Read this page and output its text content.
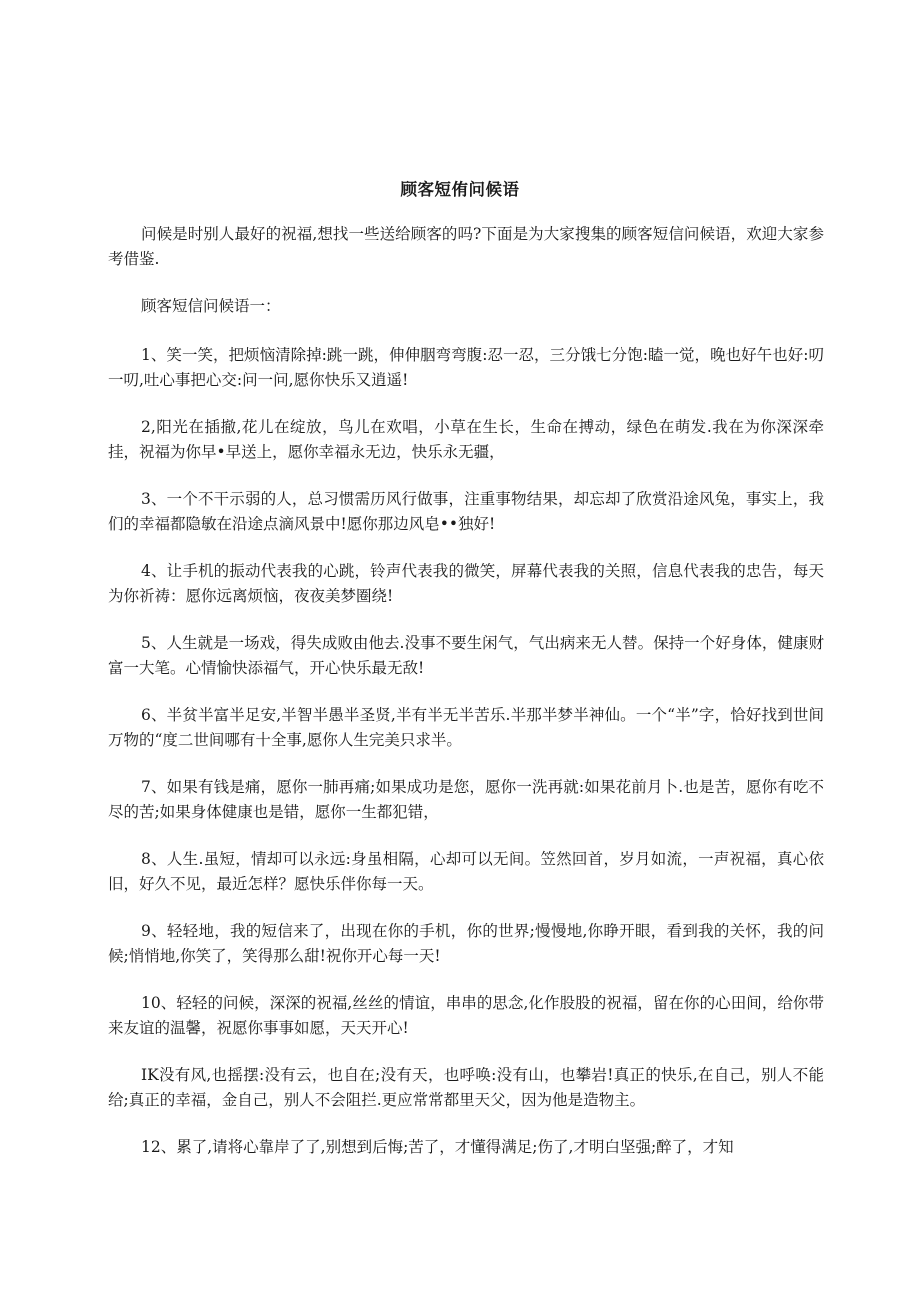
顾客短侑问候语

问候是时别人最好的祝福,想找一些送给顾客的吗?下面是为大家搜集的顾客短信问候语，欢迎大家参考借鉴.

顾客短信问候语一：

1、笑一笑，把烦恼清除掉:跳一跳，伸伸胭弯弯腹:忍一忍，三分饿七分饱:瞌一觉，晚也好午也好:叨一叨,吐心事把心交:问一问,愿你快乐又逍遥!

2,阳光在插撤,花儿在绽放，鸟儿在欢唱，小草在生长，生命在搏动，绿色在萌发.我在为你深深牵挂，祝福为你早•早送上，愿你幸福永无边，快乐永无疆，

3、一个不干示弱的人，总习惯需历风行做事，注重事物结果，却忘却了欣赏沿途风兔，事实上，我们的幸福都隐敏在沿途点滴风景中!愿你那边风皂••独好!

4、让手机的振动代表我的心跳，铃声代表我的微笑，屏幕代表我的关照，信息代表我的忠告，每天为你祈祷：愿你远离烦恼，夜夜美梦圈绕!

5、人生就是一场戏，得失成败由他去.没事不要生闲气，气出病来无人替。保持一个好身体，健康财富一大笔。心情愉快添福气，开心快乐最无敌!

6、半贫半富半足安,半智半愚半圣贤,半有半无半苦乐.半那半梦半神仙。一个“半”字，恰好找到世间万物的“度二世间哪有十全事,愿你人生完美只求半。

7、如果有钱是痛，愿你一肺再痛;如果成功是您，愿你一洗再就:如果花前月卜.也是苦，愿你有吃不尽的苦;如果身体健康也是错，愿你一生都犯错，

8、人生.虽短，情却可以永远:身虽相隔，心却可以无间。笠然回首，岁月如流，一声祝福，真心依旧，好久不见，最近怎样？愿快乐伴你每一天。

9、轻轻地，我的短信来了，出现在你的手机，你的世界;慢慢地,你睁开眼，看到我的关怀，我的问候;悄悄地,你笑了，笑得那么甜!祝你开心每一天!

10、轻轻的问候，深深的祝福,丝丝的情谊，串串的思念,化作股股的祝福，留在你的心田间，给你带来友谊的温馨，祝愿你事事如愿，天天开心!

IK没有风,也摇摆:没有云，也自在;没有天，也呼唤:没有山，也攀岩!真正的快乐,在自己，别人不能给;真正的幸福，金自己，别人不会阻拦.更应常常都里天父，因为他是造物主。

12、累了,请将心靠岸了了,别想到后悔;苦了，才懂得满足;伤了,才明白坚强;醉了，才知
